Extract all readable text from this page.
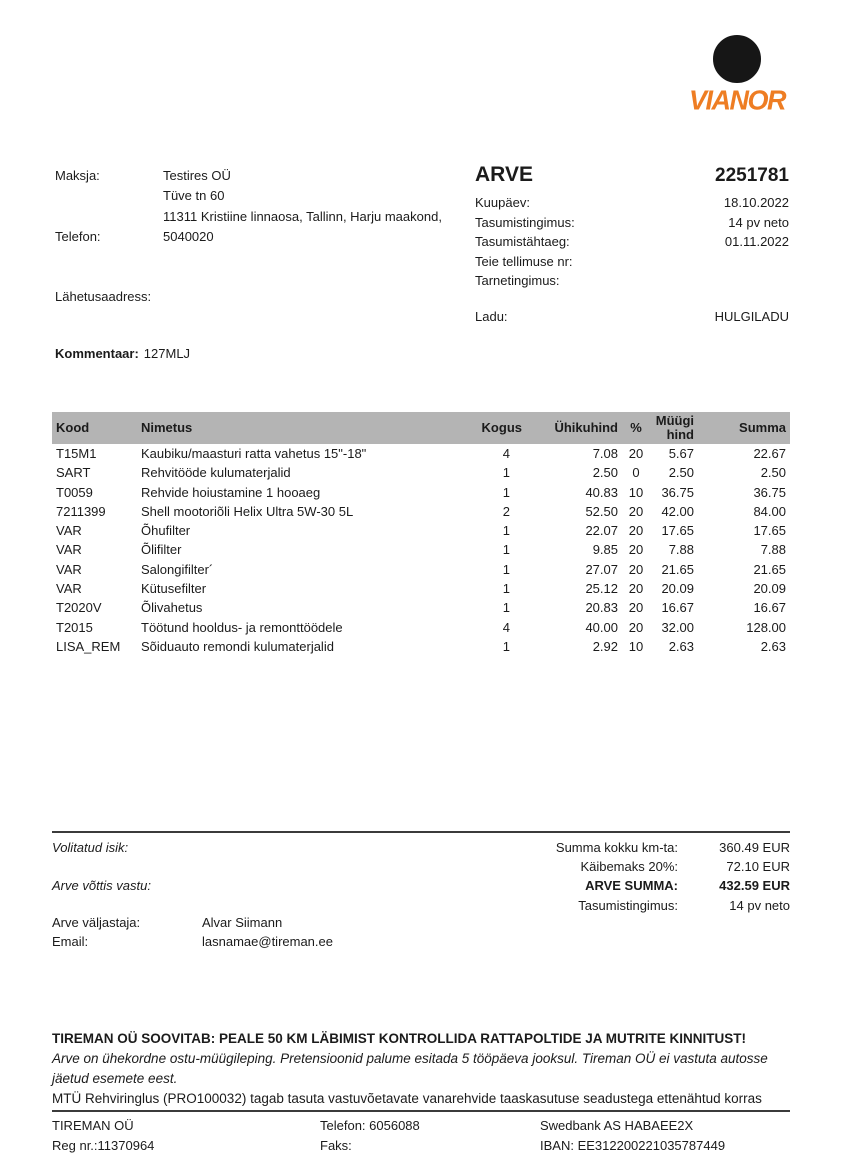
VIANOR
Maksja:	Testires OÜ
Tüve tn 60
11311 Kristiine linnaosa, Tallinn, Harju maakond,
Telefon:	5040020
Lähetusaadress:
Kommentaar: 127MLJ
ARVE	2251781
Kuupäev:	18.10.2022
Tasumistingimus:	14 pv neto
Tasumistähtaeg:	01.11.2022
Teie tellimuse nr:
Tarnetingimus:
Ladu:	HULGILADU
Kood	Nimetus	Kogus	Ühikuhind	%	Müügi hind	Summa
T15M1	Kaubiku/maasturi ratta vahetus 15"-18"	4	7.08	20	5.67	22.67
SART	Rehvitööde kulumaterjalid	1	2.50	0	2.50	2.50
T0059	Rehvide hoiustamine 1 hooaeg	1	40.83	10	36.75	36.75
7211399	Shell mootoriõli Helix Ultra 5W-30 5L	2	52.50	20	42.00	84.00
VAR	Õhufilter	1	22.07	20	17.65	17.65
VAR	Õlifilter	1	9.85	20	7.88	7.88
VAR	Salongifilter´	1	27.07	20	21.65	21.65
VAR	Kütusefilter	1	25.12	20	20.09	20.09
T2020V	Õlivahetus	1	20.83	20	16.67	16.67
T2015	Töötund hooldus- ja remonttöödele	4	40.00	20	32.00	128.00
LISA_REM	Sõiduauto remondi kulumaterjalid	1	2.92	10	2.63	2.63
Volitatud isik:
Arve võttis vastu:
Arve väljastaja:	Alvar Siimann
Email:	lasnamae@tireman.ee
Summa kokku km-ta:	360.49 EUR
Käibemaks 20%:	72.10 EUR
ARVE SUMMA:	432.59 EUR
Tasumistingimus:	14 pv neto
TIREMAN OÜ SOOVITAB: PEALE 50 KM LÄBIMIST KONTROLLIDA RATTAPOLTIDE JA MUTRITE KINNITUST!
Arve on ühekordne ostu-müügileping. Pretensioonid palume esitada 5 tööpäeva jooksul. Tireman OÜ ei vastuta autosse jäetud esemete eest.
MTÜ Rehviringlus (PRO100032) tagab tasuta vastuvõetavate vanarehvide taaskasutuse seadustega ettenähtud korras
TIREMAN OÜ
Reg nr.:11370964
Telefon: 6056088
Faks:
Swedbank AS HABAEE2X
IBAN: EE312200221035787449
